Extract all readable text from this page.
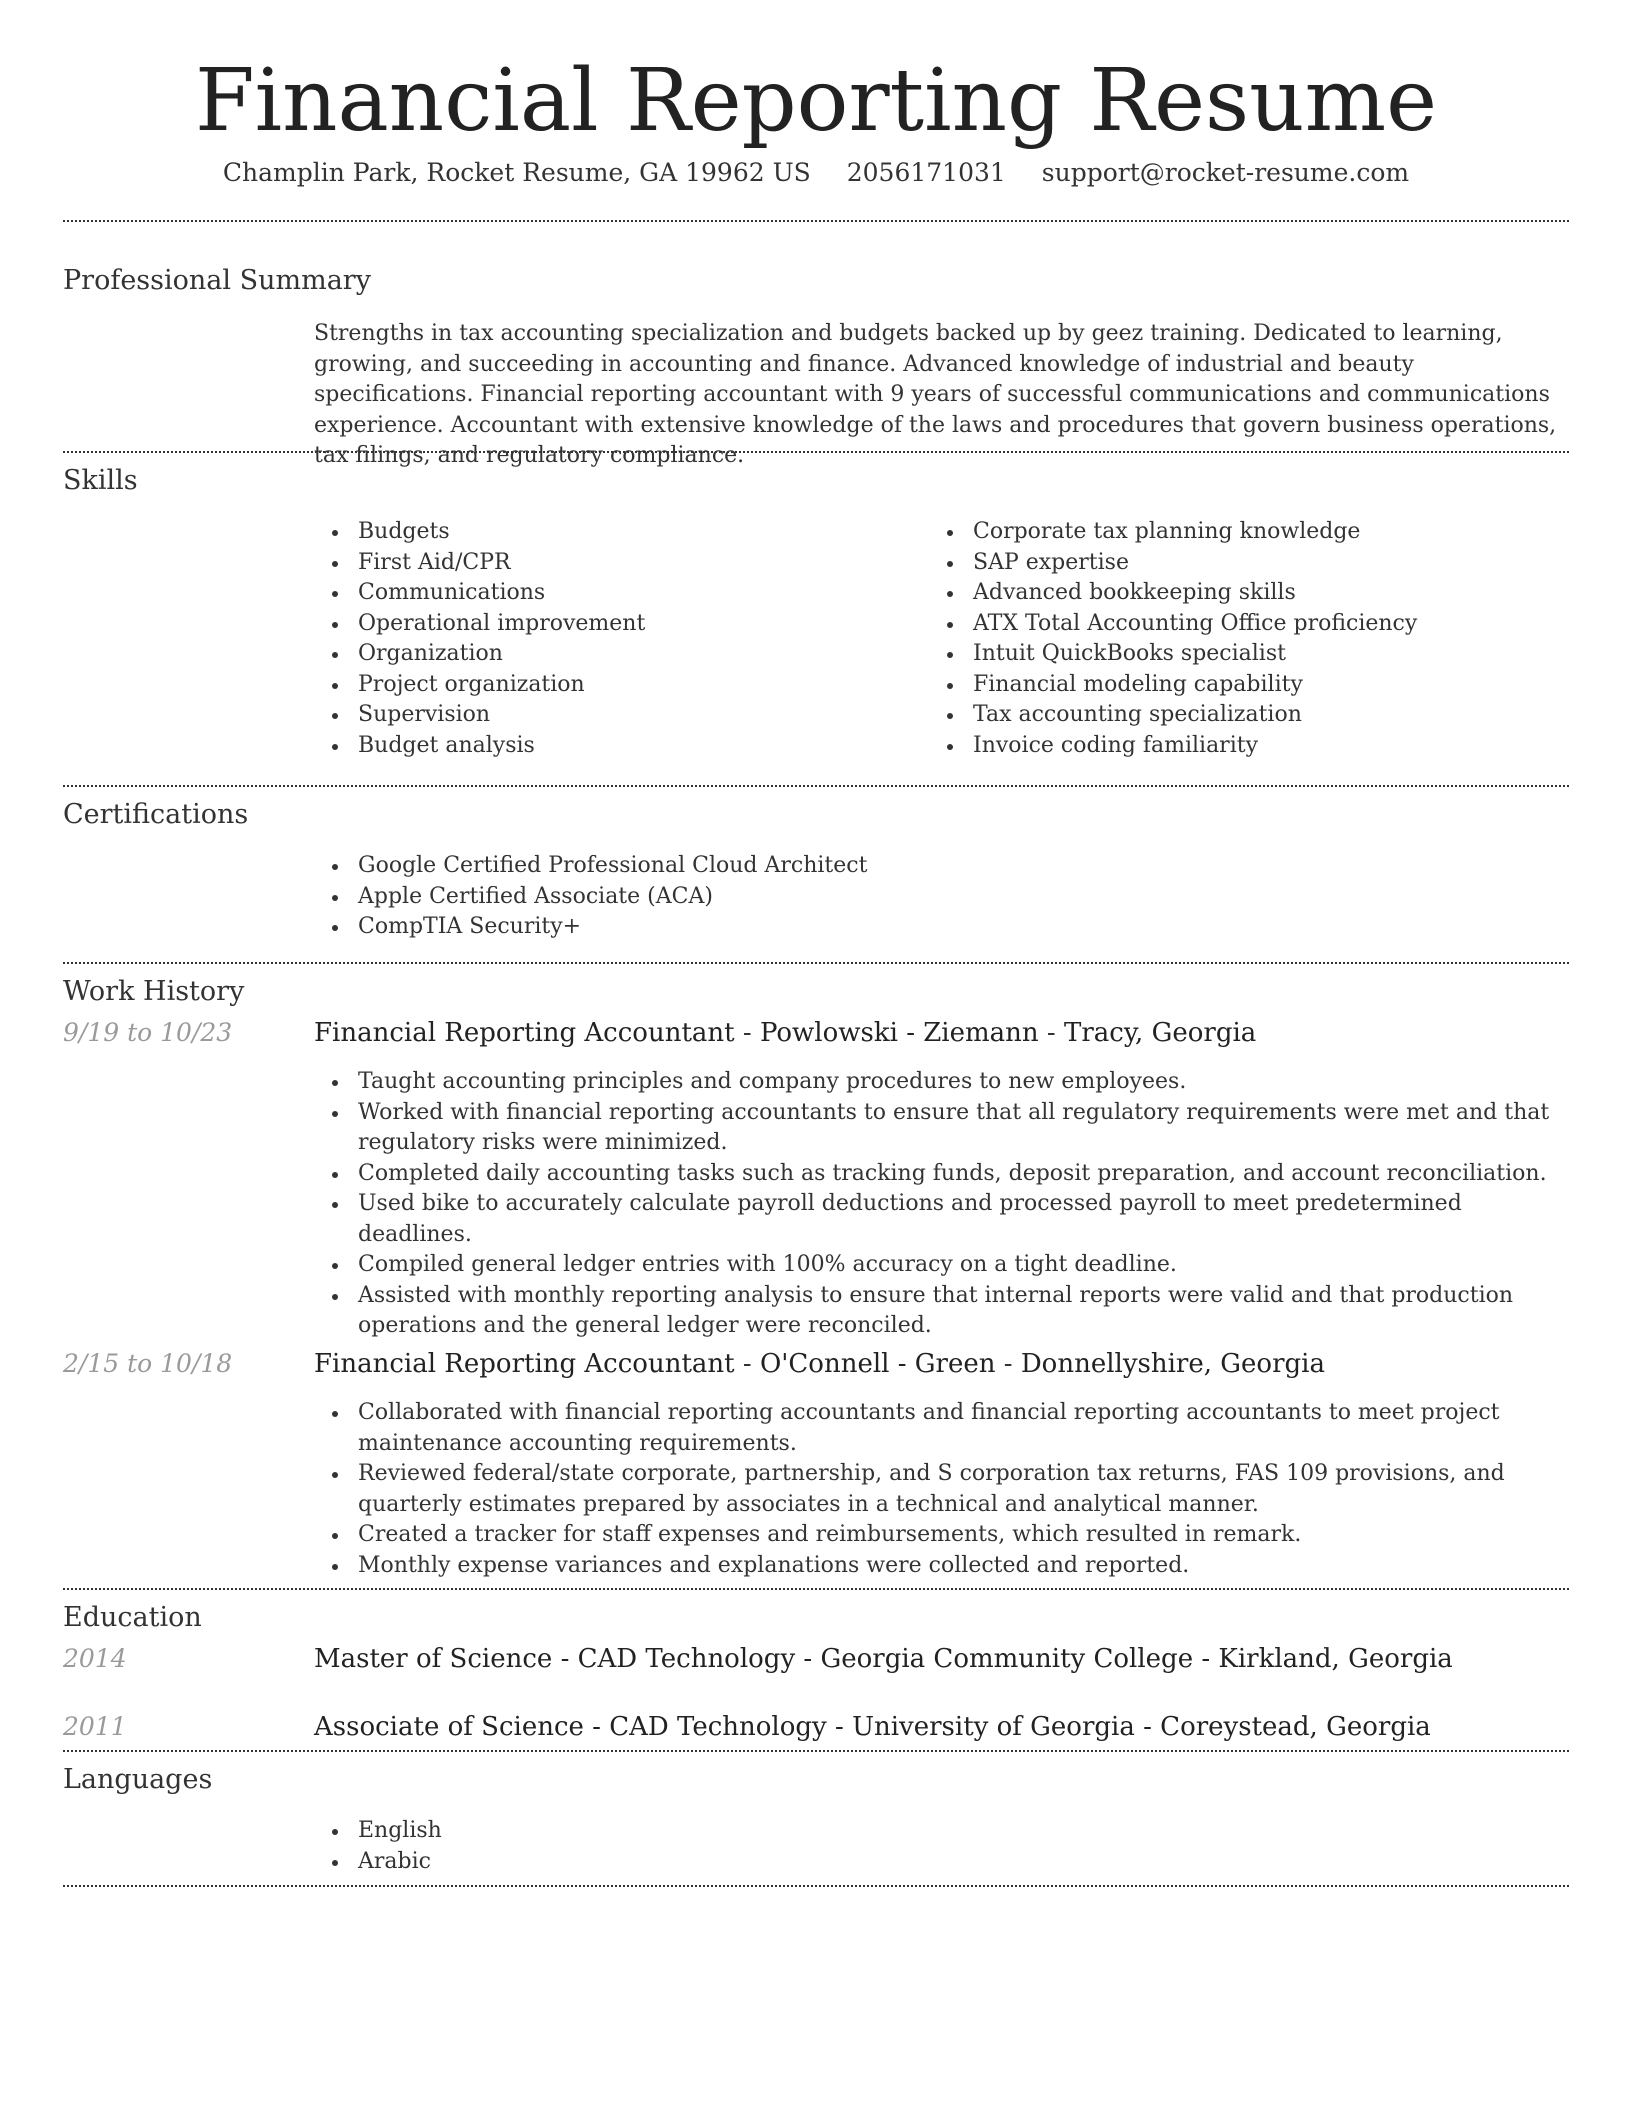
Financial Reporting Resume
Champlin Park, Rocket Resume, GA 19962 US 2056171031 support@rocket-resume.com
Professional Summary
Strengths in tax accounting specialization and budgets backed up by geez training. Dedicated to learning, growing, and succeeding in accounting and finance. Advanced knowledge of industrial and beauty specifications. Financial reporting accountant with 9 years of successful communications and communications experience. Accountant with extensive knowledge of the laws and procedures that govern business operations, tax filings, and regulatory compliance.
Skills
Budgets
First Aid/CPR
Communications
Operational improvement
Organization
Project organization
Supervision
Budget analysis
Corporate tax planning knowledge
SAP expertise
Advanced bookkeeping skills
ATX Total Accounting Office proficiency
Intuit QuickBooks specialist
Financial modeling capability
Tax accounting specialization
Invoice coding familiarity
Certifications
Google Certified Professional Cloud Architect
Apple Certified Associate (ACA)
CompTIA Security+
Work History
9/19 to 10/23	Financial Reporting Accountant - Powlowski - Ziemann - Tracy, Georgia
Taught accounting principles and company procedures to new employees.
Worked with financial reporting accountants to ensure that all regulatory requirements were met and that regulatory risks were minimized.
Completed daily accounting tasks such as tracking funds, deposit preparation, and account reconciliation.
Used bike to accurately calculate payroll deductions and processed payroll to meet predetermined deadlines.
Compiled general ledger entries with 100% accuracy on a tight deadline.
Assisted with monthly reporting analysis to ensure that internal reports were valid and that production operations and the general ledger were reconciled.
2/15 to 10/18	Financial Reporting Accountant - O'Connell - Green - Donnellyshire, Georgia
Collaborated with financial reporting accountants and financial reporting accountants to meet project maintenance accounting requirements.
Reviewed federal/state corporate, partnership, and S corporation tax returns, FAS 109 provisions, and quarterly estimates prepared by associates in a technical and analytical manner.
Created a tracker for staff expenses and reimbursements, which resulted in remark.
Monthly expense variances and explanations were collected and reported.
Education
2014	Master of Science - CAD Technology - Georgia Community College - Kirkland, Georgia
2011	Associate of Science - CAD Technology - University of Georgia - Coreystead, Georgia
Languages
English
Arabic
